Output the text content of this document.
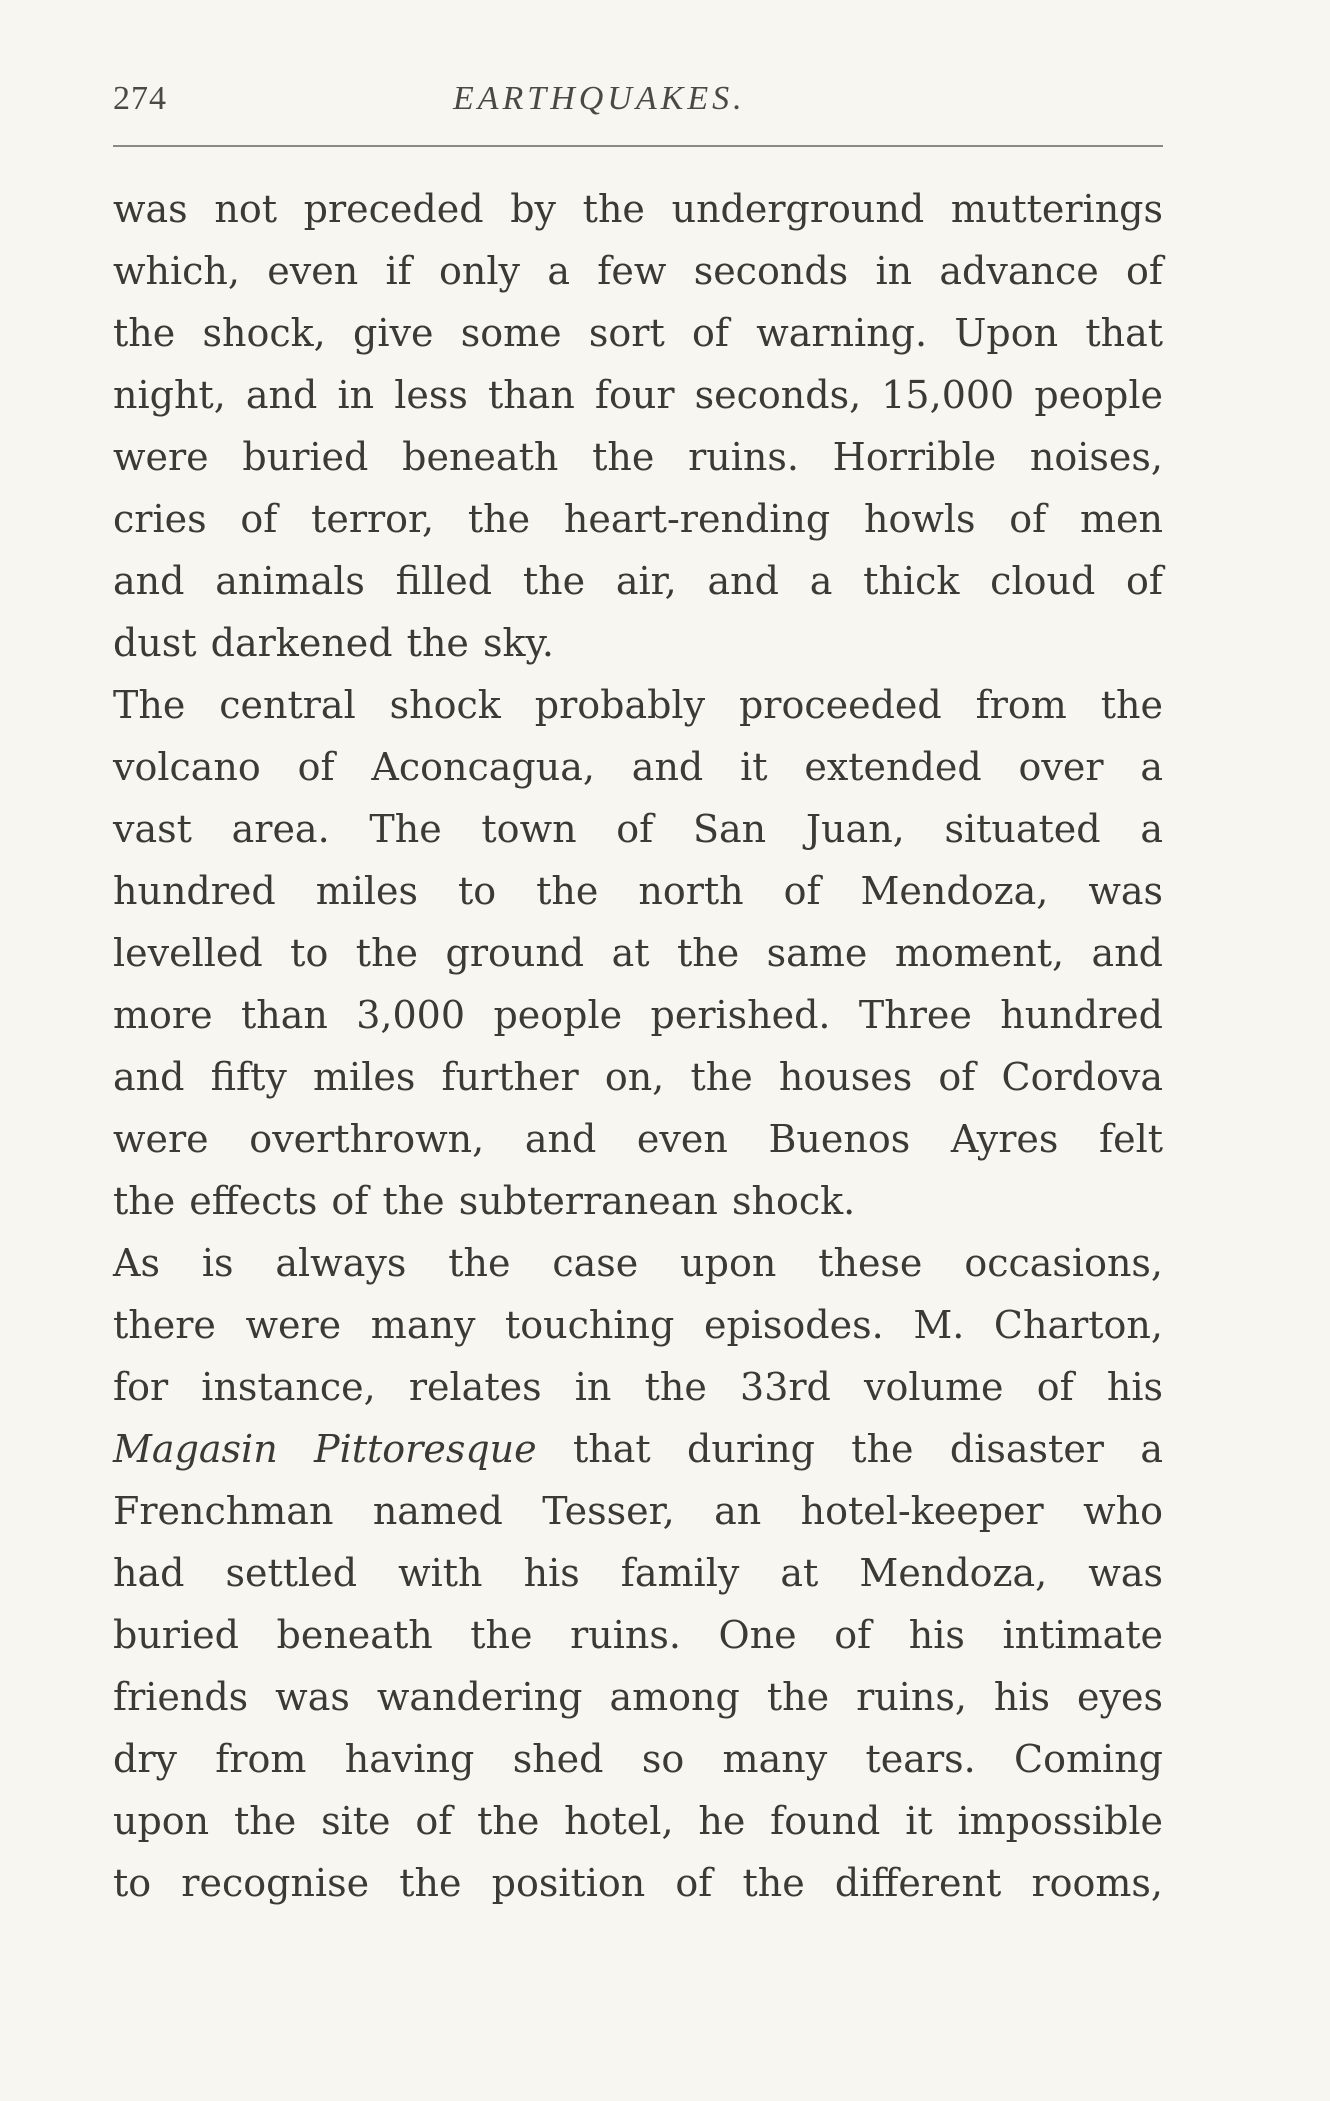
274	EARTHQUAKES.
was not preceded by the underground mutterings
which, even if only a few seconds in advance of
the shock, give some sort of warning. Upon that
night, and in less than four seconds, 15,000 people
were buried beneath the ruins. Horrible noises,
cries of terror, the heart-rending howls of men
and animals filled the air, and a thick cloud of
dust darkened the sky.
The central shock probably proceeded from the
volcano of Aconcagua, and it extended over a
vast area. The town of San Juan, situated a
hundred miles to the north of Mendoza, was
levelled to the ground at the same moment, and
more than 3,000 people perished. Three hundred
and fifty miles further on, the houses of Cordova
were overthrown, and even Buenos Ayres felt
the effects of the subterranean shock.
As is always the case upon these occasions,
there were many touching episodes. M. Charton,
for instance, relates in the 33rd volume of his
Magasin Pittoresque that during the disaster a
Frenchman named Tesser, an hotel-keeper who
had settled with his family at Mendoza, was
buried beneath the ruins. One of his intimate
friends was wandering among the ruins, his eyes
dry from having shed so many tears. Coming
upon the site of the hotel, he found it impossible
to recognise the position of the different rooms,
